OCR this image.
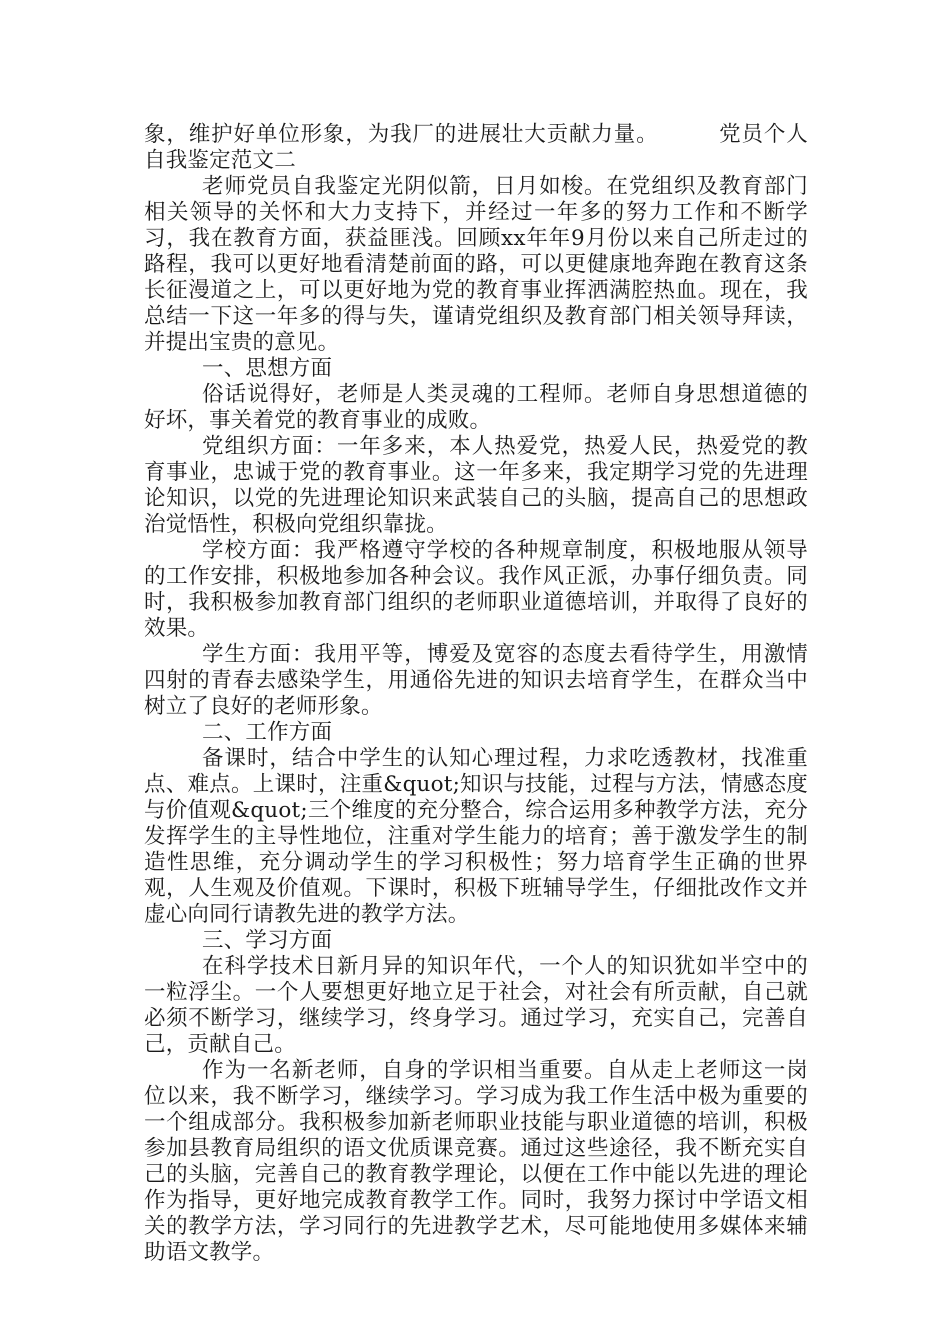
象，维护好单位形象，为我厂的进展壮大贡献力量。	党员个人自我鉴定范文二

老师党员自我鉴定光阴似箭，日月如梭。在党组织及教育部门相关领导的关怀和大力支持下，并经过一年多的努力工作和不断学习，我在教育方面，获益匪浅。回顾xx年年9月份以来自己所走过的路程，我可以更好地看清楚前面的路，可以更健康地奔跑在教育这条长征漫道之上，可以更好地为党的教育事业挥洒满腔热血。现在，我总结一下这一年多的得与失，谨请党组织及教育部门相关领导拜读，并提出宝贵的意见。

一、思想方面

俗话说得好，老师是人类灵魂的工程师。老师自身思想道德的好坏，事关着党的教育事业的成败。

党组织方面：一年多来，本人热爱党，热爱人民，热爱党的教育事业，忠诚于党的教育事业。这一年多来，我定期学习党的先进理论知识，以党的先进理论知识来武装自己的头脑，提高自己的思想政治觉悟性，积极向党组织靠拢。

学校方面：我严格遵守学校的各种规章制度，积极地服从领导的工作安排，积极地参加各种会议。我作风正派，办事仔细负责。同时，我积极参加教育部门组织的老师职业道德培训，并取得了良好的效果。

学生方面：我用平等，博爱及宽容的态度去看待学生，用激情四射的青春去感染学生，用通俗先进的知识去培育学生，在群众当中树立了良好的老师形象。

二、工作方面

备课时，结合中学生的认知心理过程，力求吃透教材，找准重点、难点。上课时，注重&quot;知识与技能，过程与方法，情感态度与价值观&quot;三个维度的充分整合，综合运用多种教学方法，充分发挥学生的主导性地位，注重对学生能力的培育；善于激发学生的制造性思维，充分调动学生的学习积极性；努力培育学生正确的世界观，人生观及价值观。下课时，积极下班辅导学生，仔细批改作文并虚心向同行请教先进的教学方法。

三、学习方面

在科学技术日新月异的知识年代，一个人的知识犹如半空中的一粒浮尘。一个人要想更好地立足于社会，对社会有所贡献，自己就必须不断学习，继续学习，终身学习。通过学习，充实自己，完善自己，贡献自己。

作为一名新老师，自身的学识相当重要。自从走上老师这一岗位以来，我不断学习，继续学习。学习成为我工作生活中极为重要的一个组成部分。我积极参加新老师职业技能与职业道德的培训，积极参加县教育局组织的语文优质课竞赛。通过这些途径，我不断充实自己的头脑，完善自己的教育教学理论，以便在工作中能以先进的理论作为指导，更好地完成教育教学工作。同时，我努力探讨中学语文相关的教学方法，学习同行的先进教学艺术，尽可能地使用多媒体来辅助语文教学。
